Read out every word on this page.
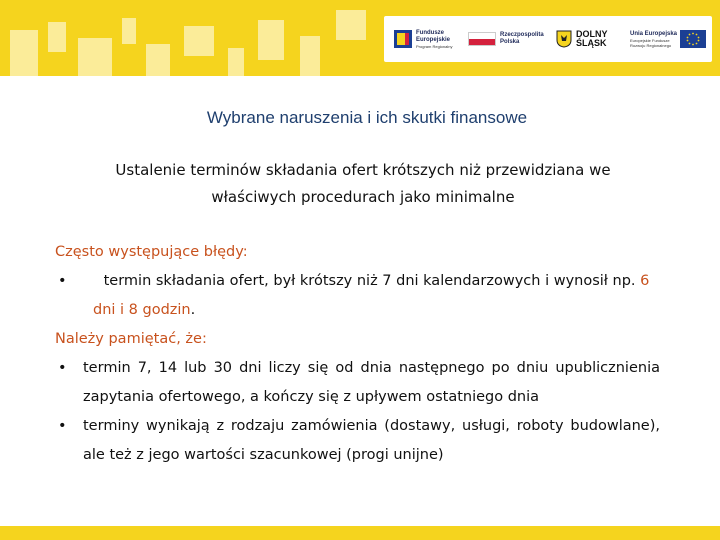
Fundusze
Europejskie
Program Regionalny
Rzeczpospolita
Polska
DOLNY
ŚLĄSK
Unia Europejska
Europejskie Fundusze
Rozwoju Regionalnego
Wybrane naruszenia i ich skutki finansowe
Ustalenie terminów składania ofert krótszych niż przewidziana we właściwych procedurach jako minimalne

Często występujące błędy:

•	termin składania ofert, był krótszy niż 7 dni kalendarzowych i wynosił np. 6 dni i 8 godzin.

Należy pamiętać, że:

• termin 7, 14 lub 30 dni liczy się od dnia następnego po dniu upublicznienia zapytania ofertowego, a kończy się z upływem ostatniego dnia
• terminy wynikają z rodzaju zamówienia (dostawy, usługi, roboty budowlane), ale też z jego wartości szacunkowej (progi unijne)
